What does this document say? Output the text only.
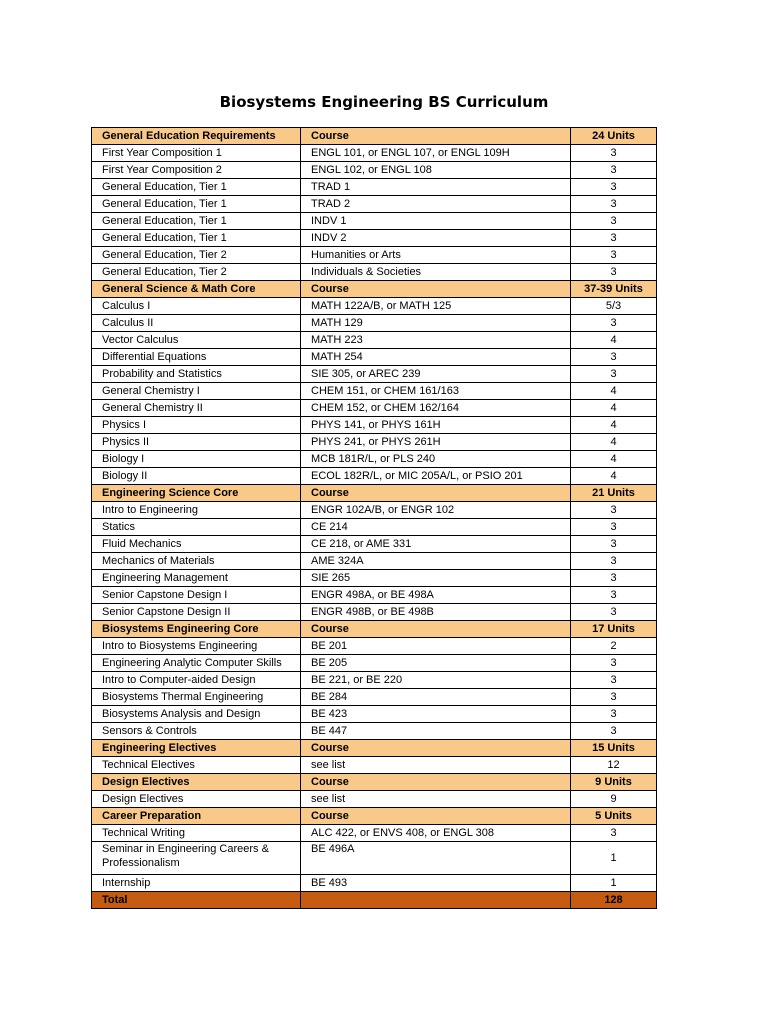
Biosystems Engineering BS Curriculum
General Education Requirements	Course	24 Units
First Year Composition 1	ENGL 101, or ENGL 107, or ENGL 109H	3
First Year Composition 2	ENGL 102, or ENGL 108	3
General Education, Tier 1	TRAD 1	3
General Education, Tier 1	TRAD 2	3
General Education, Tier 1	INDV 1	3
General Education, Tier 1	INDV 2	3
General Education, Tier 2	Humanities or Arts	3
General Education, Tier 2	Individuals & Societies	3
General Science & Math Core	Course	37-39 Units
Calculus I	MATH 122A/B, or MATH 125	5/3
Calculus II	MATH 129	3
Vector Calculus	MATH 223	4
Differential Equations	MATH 254	3
Probability and Statistics	SIE 305, or AREC 239	3
General Chemistry I	CHEM 151, or CHEM 161/163	4
General Chemistry II	CHEM 152, or CHEM 162/164	4
Physics I	PHYS 141, or PHYS 161H	4
Physics II	PHYS 241, or PHYS 261H	4
Biology I	MCB 181R/L, or PLS 240	4
Biology II	ECOL 182R/L, or MIC 205A/L, or PSIO 201	4
Engineering Science Core	Course	21 Units
Intro to Engineering	ENGR 102A/B, or ENGR 102	3
Statics	CE 214	3
Fluid Mechanics	CE 218, or AME 331	3
Mechanics of Materials	AME 324A	3
Engineering Management	SIE 265	3
Senior Capstone Design I	ENGR 498A, or BE 498A	3
Senior Capstone Design II	ENGR 498B, or BE 498B	3
Biosystems Engineering Core	Course	17 Units
Intro to Biosystems Engineering	BE 201	2
Engineering Analytic Computer Skills	BE 205	3
Intro to Computer-aided Design	BE 221, or BE 220	3
Biosystems Thermal Engineering	BE 284	3
Biosystems Analysis and Design	BE 423	3
Sensors & Controls	BE 447	3
Engineering Electives	Course	15 Units
Technical Electives	see list	12
Design Electives	Course	9 Units
Design Electives	see list	9
Career Preparation	Course	5 Units
Technical Writing	ALC 422, or ENVS 408, or ENGL 308	3
Seminar in Engineering Careers & Professionalism	BE 496A	1
Internship	BE 493	1
Total		128
